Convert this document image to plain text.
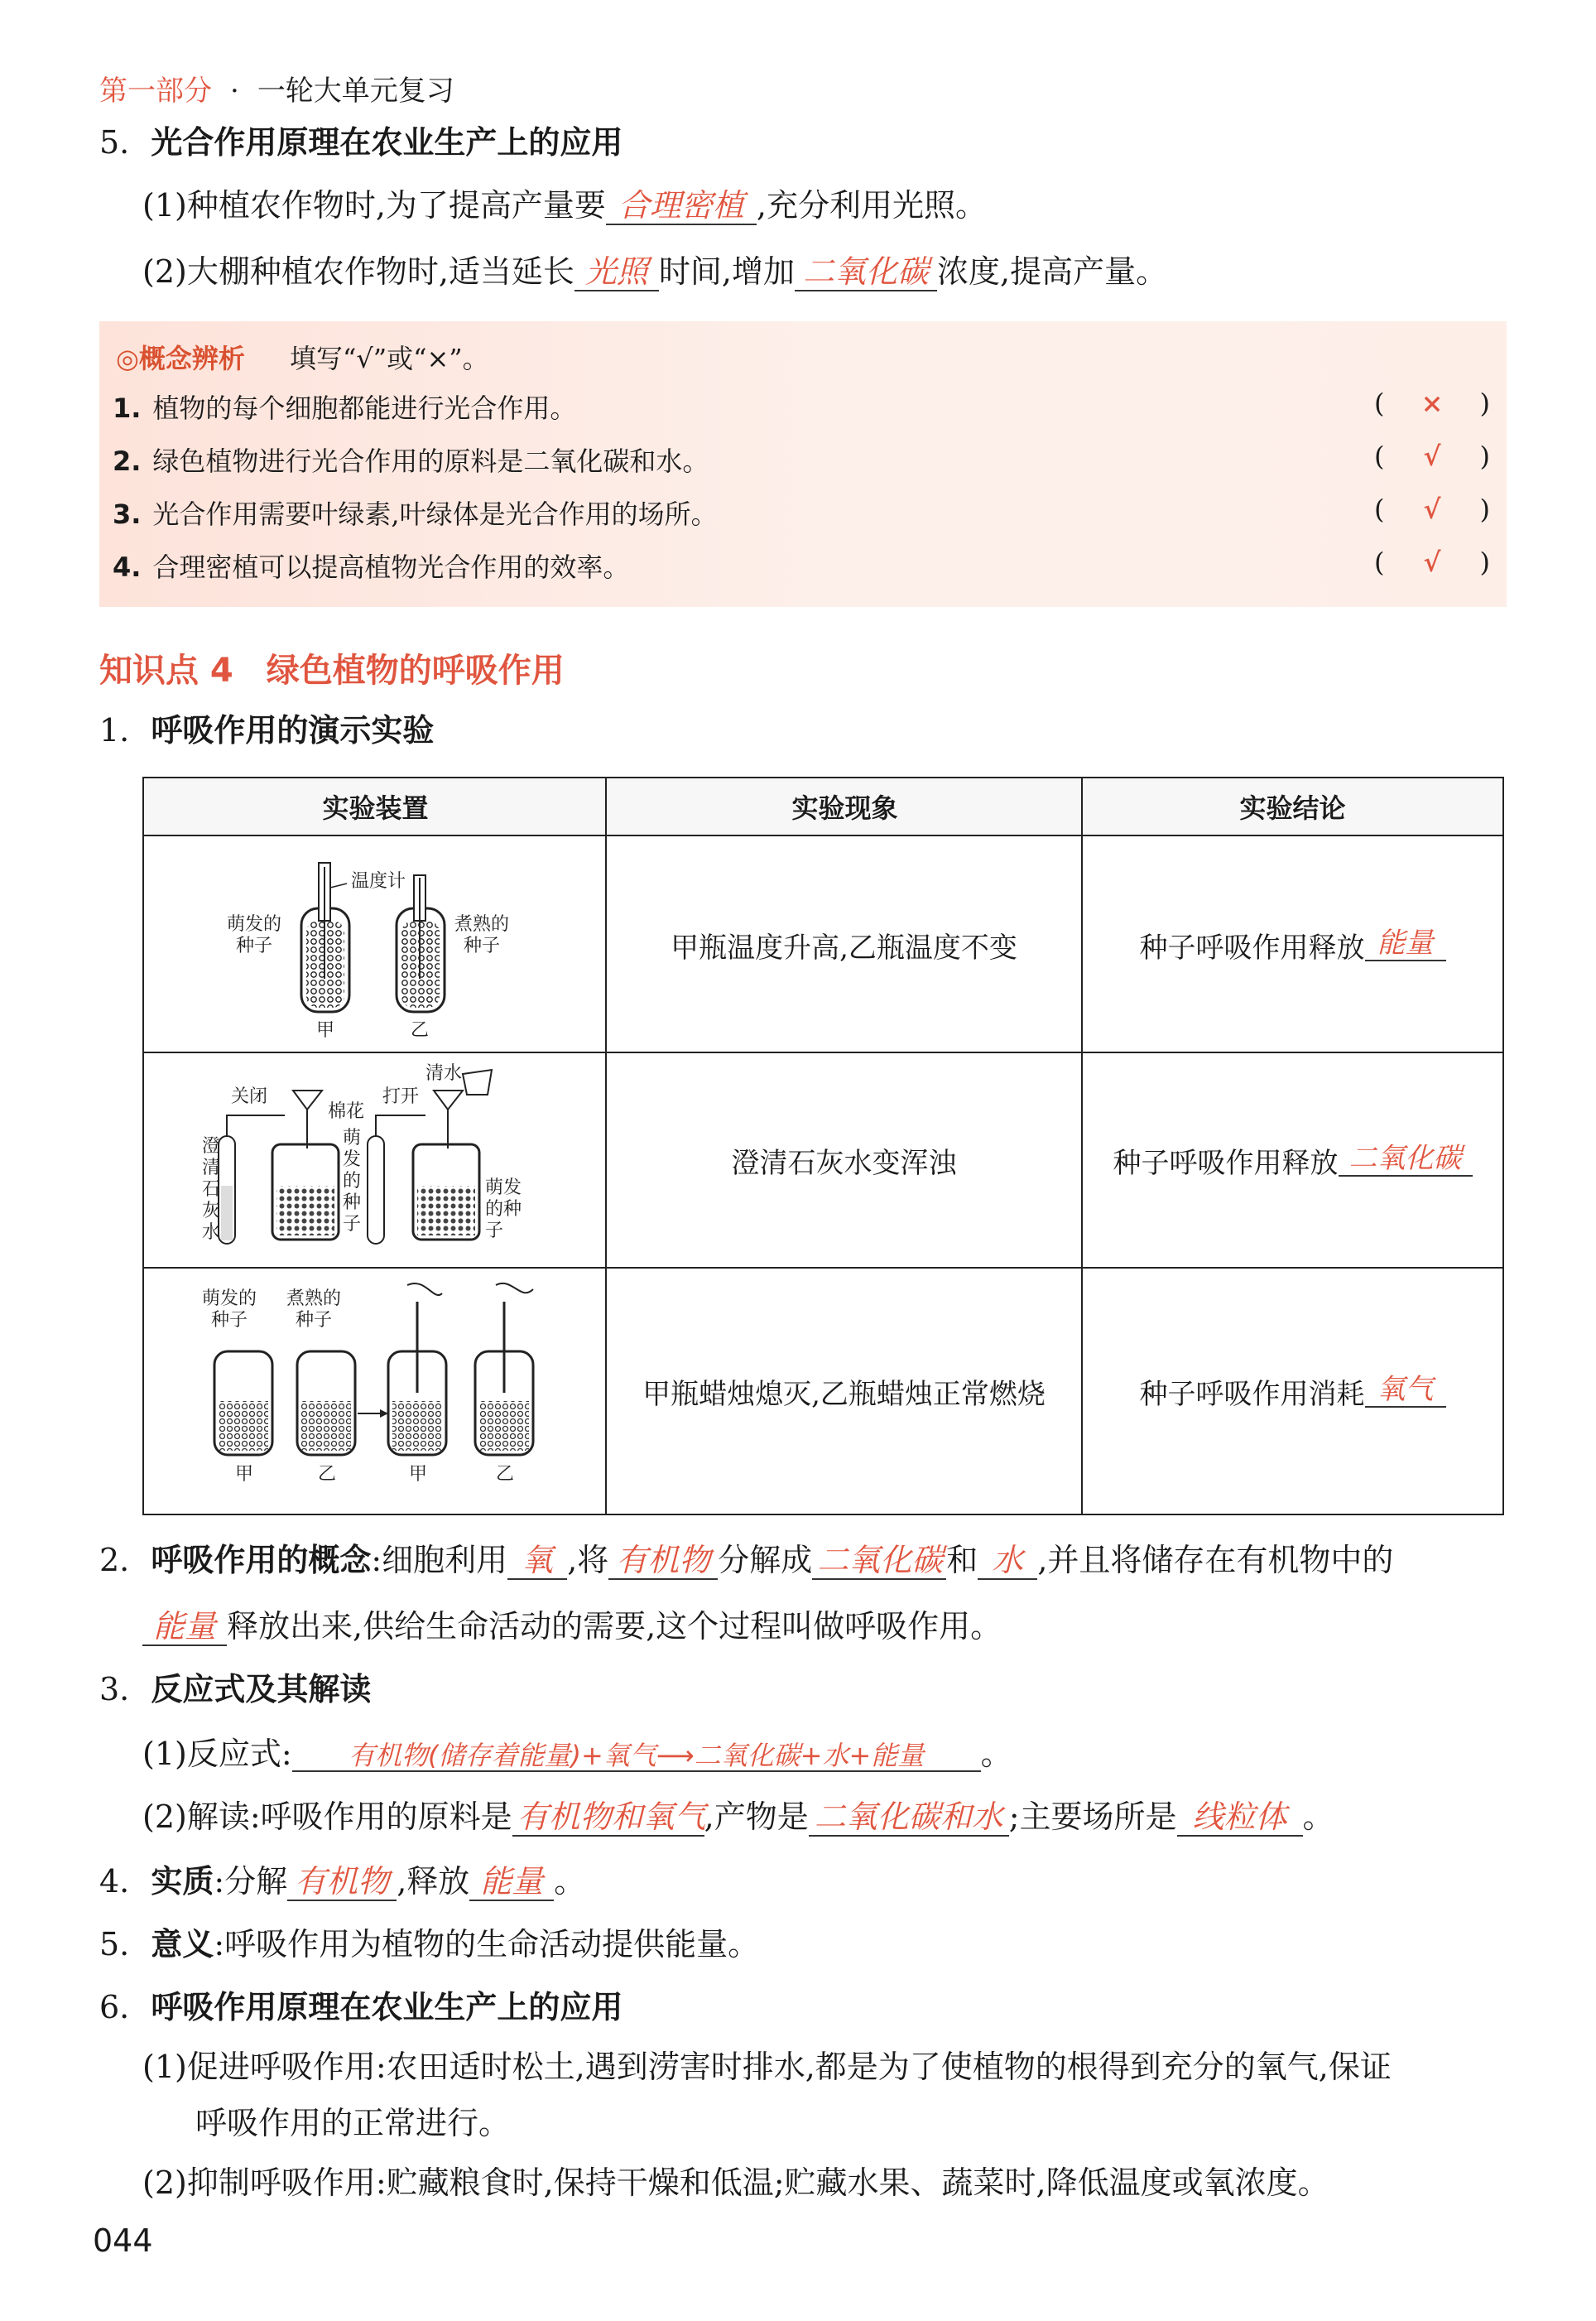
第一部分 · 一轮大单元复习
5. 光合作用原理在农业生产上的应用
(1)种植农作物时,为了提高产量要 合理密植 ,充分利用光照。
(2)大棚种植农作物时,适当延长 光照 时间,增加 二氧化碳 浓度,提高产量。
◎概念辨析 填写“√”或“×”。
1. 植物的每个细胞都能进行光合作用。	( × )
2. 绿色植物进行光合作用的原料是二氧化碳和水。	( √ )
3. 光合作用需要叶绿素,叶绿体是光合作用的场所。	( √ )
4. 合理密植可以提高植物光合作用的效率。	( √ )
知识点 4　绿色植物的呼吸作用
1. 呼吸作用的演示实验
实验装置	实验现象	实验结论
温度计
萌发的
种子
煮熟的
种子
甲	乙
甲瓶温度升高,乙瓶温度不变	种子呼吸作用释放 能量
关闭
棉花
打开
清水
澄
清
石
灰
水
萌
发
的
种
子
萌发
的种
子
澄清石灰水变浑浊	种子呼吸作用释放 二氧化碳
萌发的
种子
煮熟的
种子
甲	乙	甲	乙
甲瓶蜡烛熄灭,乙瓶蜡烛正常燃烧	种子呼吸作用消耗 氧气
2. 呼吸作用的概念:细胞利用 氧 ,将 有机物 分解成 二氧化碳 和 水 ,并且将储存在有机物中的
能量 释放出来,供给生命活动的需要,这个过程叫做呼吸作用。
3. 反应式及其解读
(1)反应式: 有机物(储存着能量)+氧气⟶二氧化碳+水+能量 。
(2)解读:呼吸作用的原料是 有机物和氧气,产物是 二氧化碳和水 ;主要场所是 线粒体 。
4. 实质:分解 有机物 ,释放 能量 。
5. 意义:呼吸作用为植物的生命活动提供能量。
6. 呼吸作用原理在农业生产上的应用
(1)促进呼吸作用:农田适时松土,遇到涝害时排水,都是为了使植物的根得到充分的氧气,保证
呼吸作用的正常进行。
(2)抑制呼吸作用:贮藏粮食时,保持干燥和低温;贮藏水果、蔬菜时,降低温度或氧浓度。
044
